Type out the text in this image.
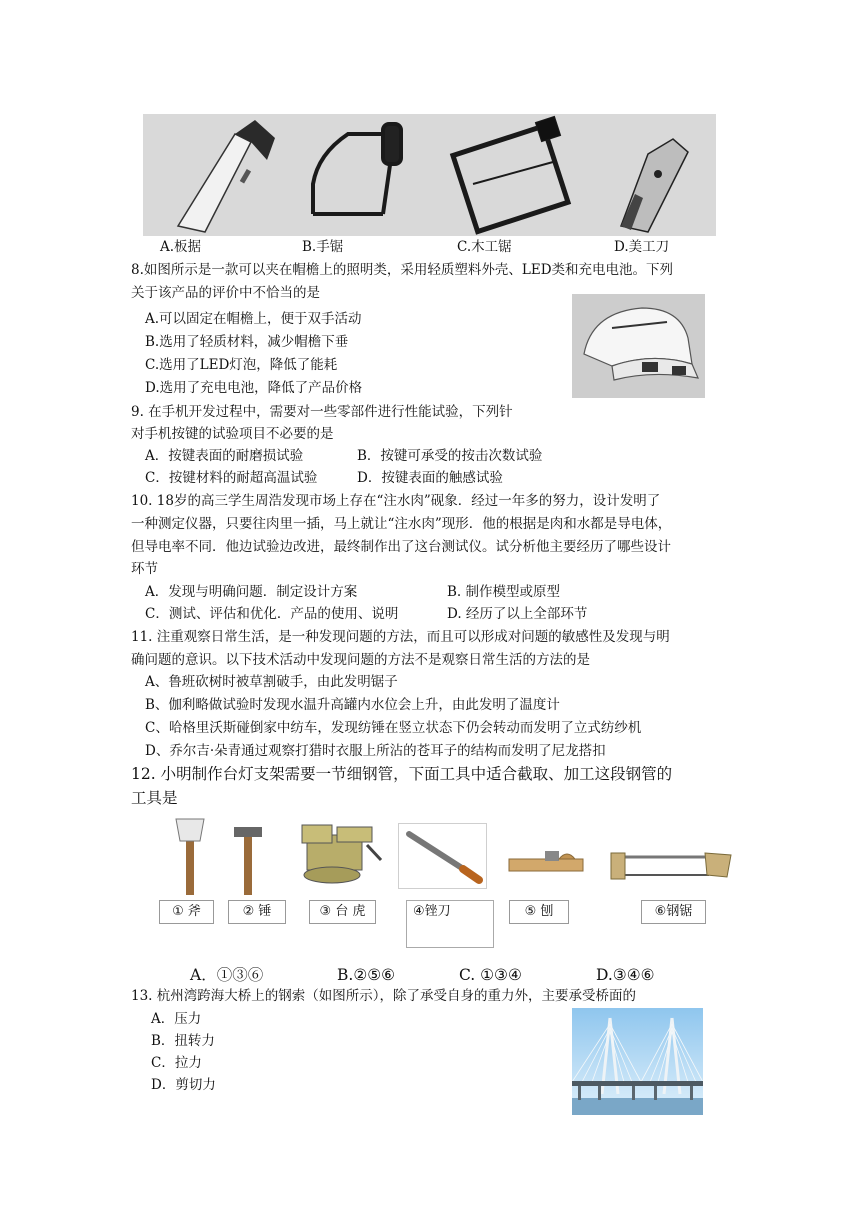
A.板据	B.手锯	C.木工锯	D.美工刀
8.如图所示是一款可以夹在帽檐上的照明类，采用轻质塑料外壳、LED类和充电电池。下列
关于该产品的评价中不恰当的是
A.可以固定在帽檐上，便于双手活动
B.选用了轻质材料，减少帽檐下垂
C.选用了LED灯泡，降低了能耗
D.选用了充电电池，降低了产品价格
9. 在手机开发过程中，需要对一些零部件进行性能试验，下列针
对手机按键的试验项目不必要的是
A．按键表面的耐磨损试验	B．按键可承受的按击次数试验
C．按键材料的耐超高温试验	D．按键表面的触感试验
10. 18岁的高三学生周浩发现市场上存在“注水肉”砚象．经过一年多的努力，设计发明了
一种测定仪器，只要往肉里一插，马上就让“注水肉”现形．他的根据是肉和水都是导电体，
但导电率不同．他边试验边改进，最终制作出了这台测试仪。试分析他主要经历了哪些设计
环节
A．发现与明确问题．制定设计方案	B. 制作模型或原型
C．测试、评估和优化．产品的使用、说明	D. 经历了以上全部环节
11. 注重观察日常生活，是一种发现问题的方法，而且可以形成对问题的敏感性及发现与明
确问题的意识。以下技术活动中发现问题的方法不是观察日常生活的方法的是
A、鲁班砍树时被草割破手，由此发明锯子
B、伽利略做试验时发现水温升高罐内水位会上升，由此发明了温度计
C、哈格里沃斯碰倒家中纺车，发现纺锤在竖立状态下仍会转动而发明了立式纺纱机
D、乔尔吉·朵青通过观察打猎时衣服上所沾的苍耳子的结构而发明了尼龙搭扣
12. 小明制作台灯支架需要一节细钢管，下面工具中适合截取、加工这段钢管的
工具是
① 斧	② 锤	③ 台 虎	④锉刀	⑤ 刨	⑥钢锯
A．①③⑥	B.②⑤⑥	C. ①③④	D.③④⑥
13. 杭州湾跨海大桥上的钢索（如图所示），除了承受自身的重力外，主要承受桥面的
A．压力
B．扭转力
C．拉力
D．剪切力
